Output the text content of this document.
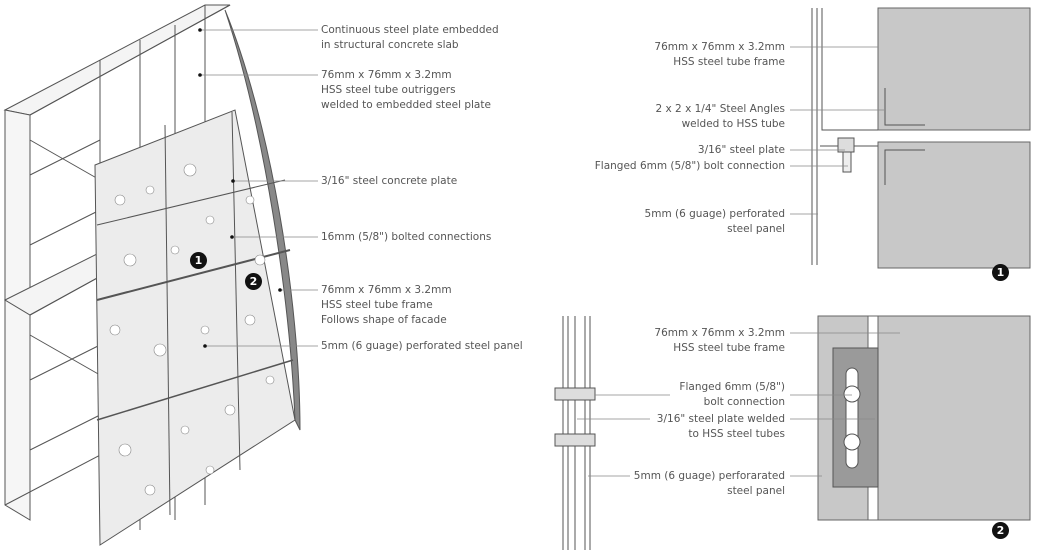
Continuous steel plate embedded
in structural concrete slab
76mm x 76mm x 3.2mm
HSS steel tube outriggers
welded to embedded steel plate
3/16" steel concrete plate
16mm (5/8") bolted connections
76mm x 76mm x 3.2mm
HSS steel tube frame
Follows shape of facade
5mm (6 guage) perforated steel panel
1
2
76mm x 76mm x 3.2mm
HSS steel tube frame
2 x 2 x 1/4" Steel Angles
welded to HSS tube
3/16" steel plate
Flanged 6mm (5/8") bolt connection
5mm (6 guage) perforated
steel panel
1
76mm x 76mm x 3.2mm
HSS steel tube frame
Flanged 6mm (5/8")
bolt connection
3/16" steel plate welded
to HSS steel tubes
5mm (6 guage) perforarated
steel panel
2
